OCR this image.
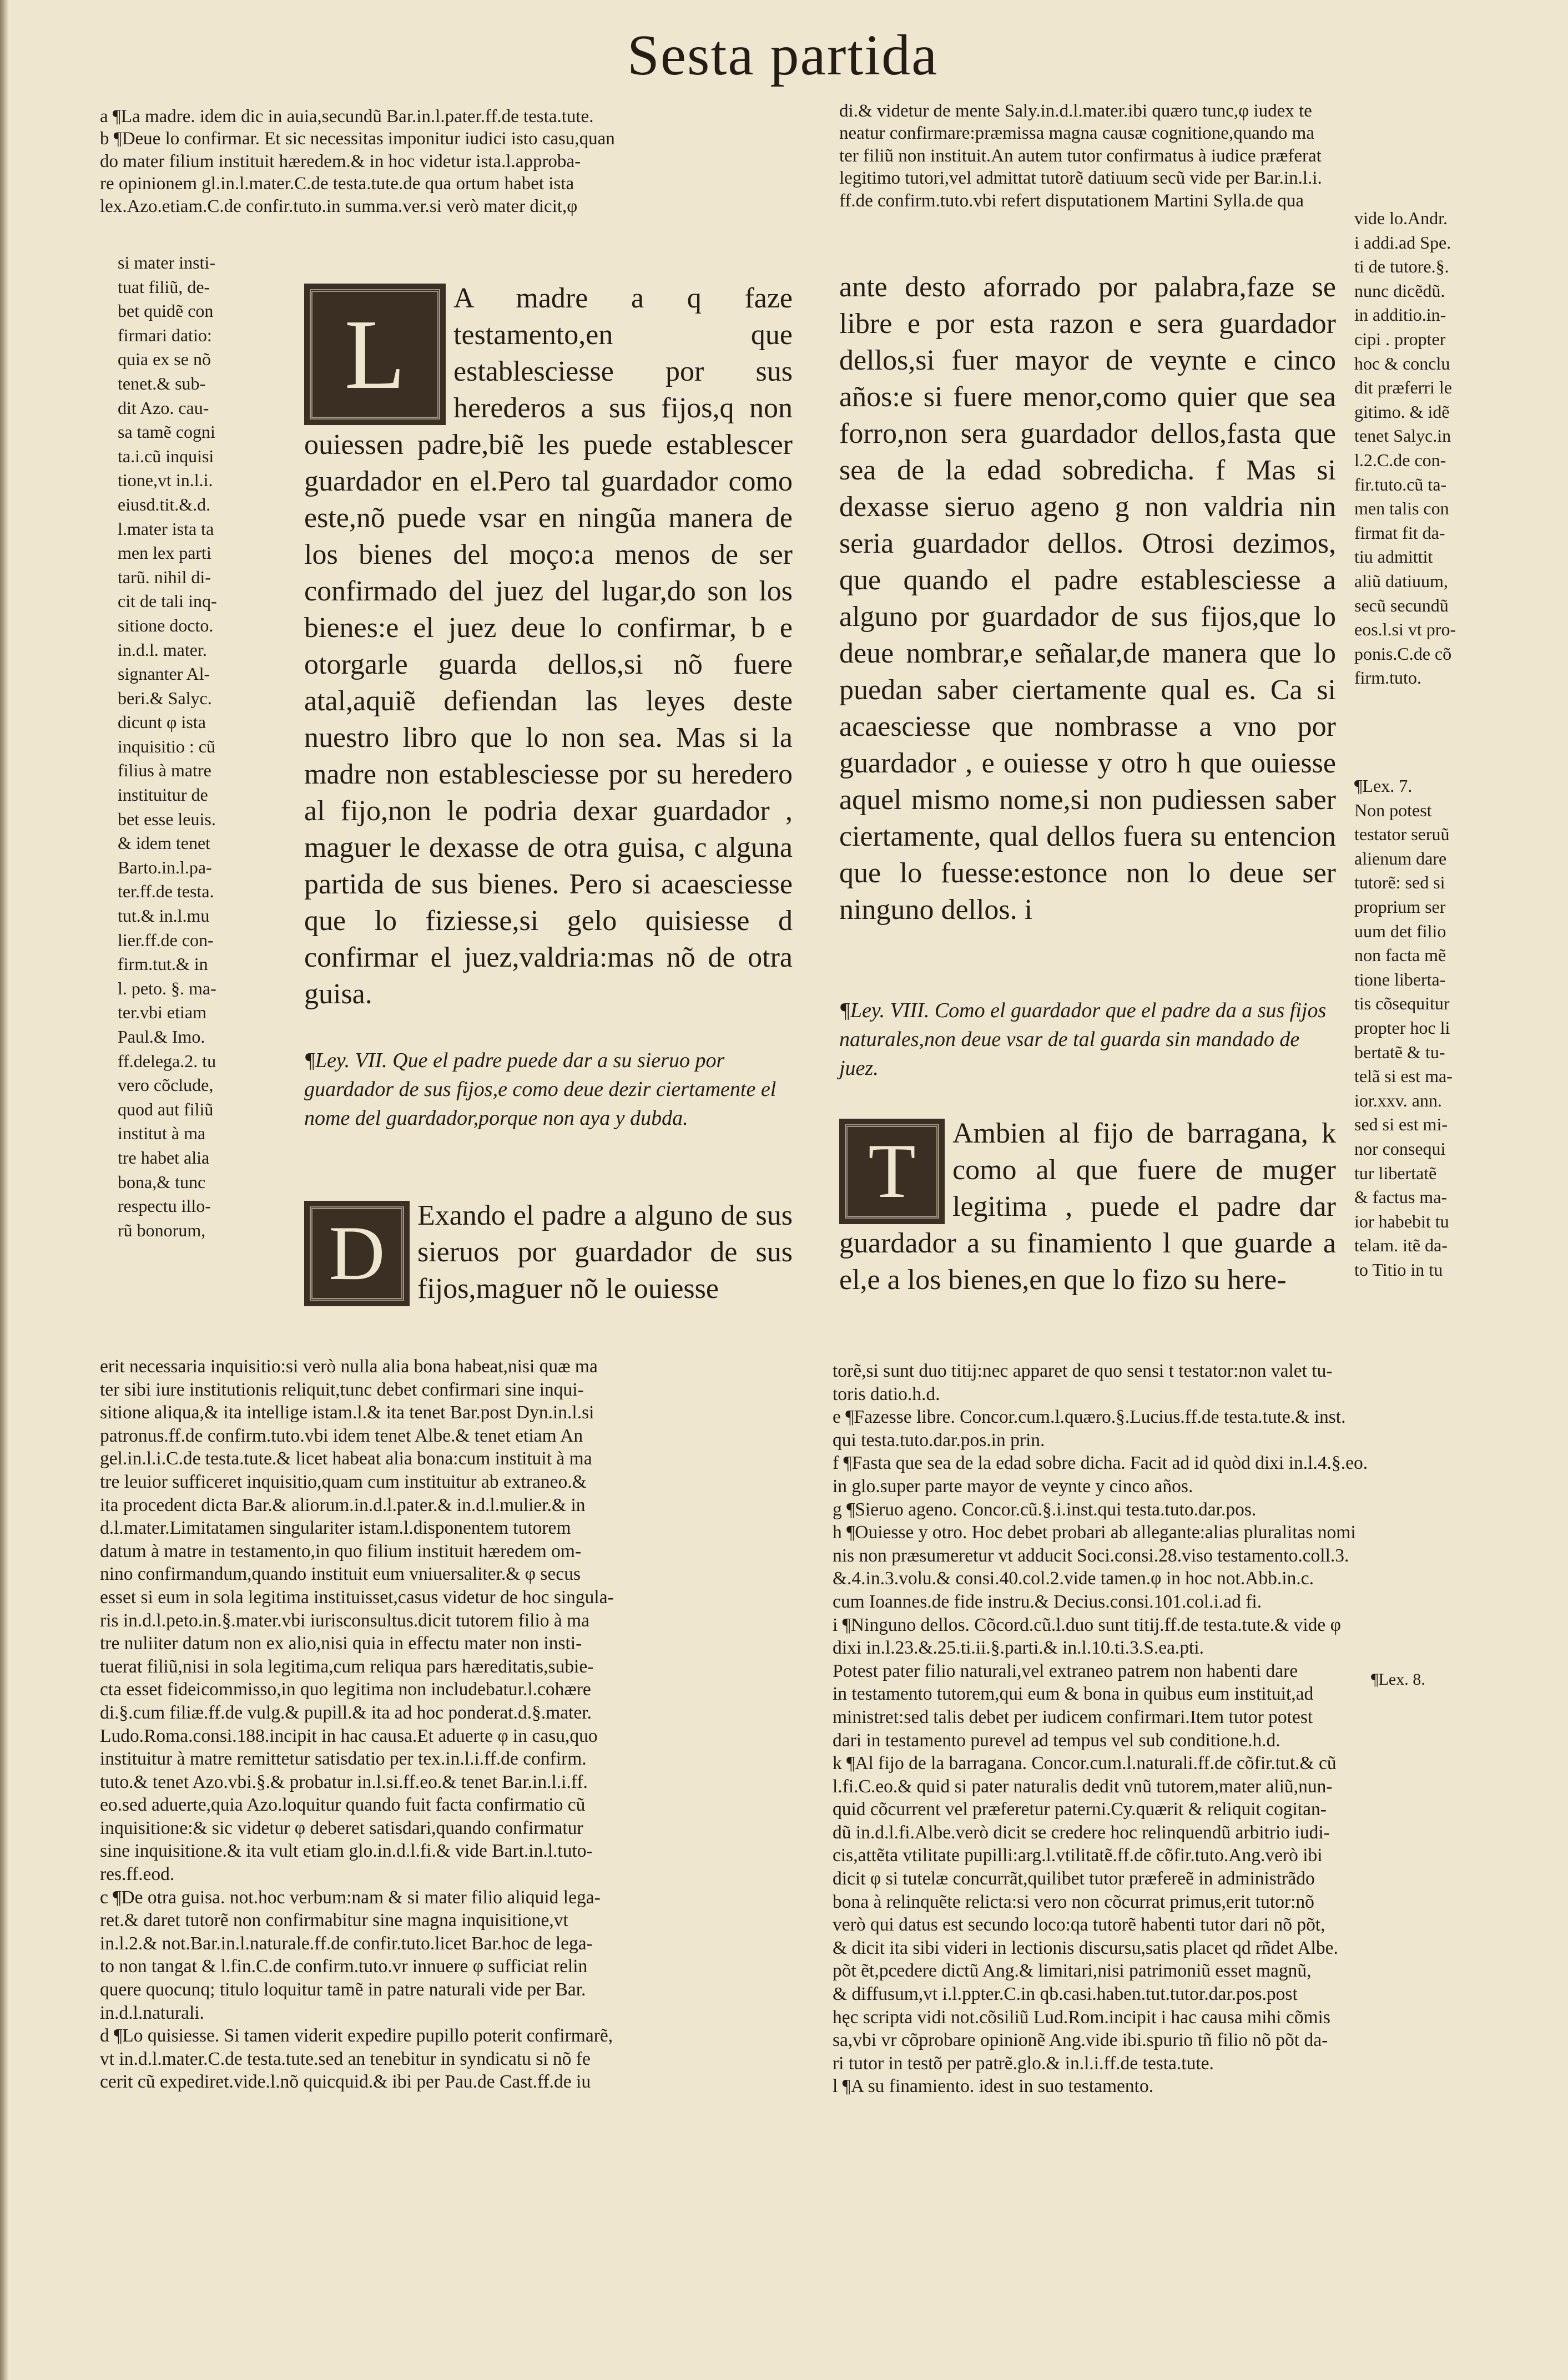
Sesta partida

a ¶La madre. idem dic in auia,secundũ Bar.in.l.pater.ff.de testa.tute.

b ¶Deue lo confirmar. Et sic necessitas imponitur iudici isto casu,quan

do mater filium instituit hæredem.& in hoc videtur ista.l.approba-

re opinionem gl.in.l.mater.C.de testa.tute.de qua ortum habet ista

lex.Azo.etiam.C.de confir.tuto.in summa.ver.si verò mater dicit,φ

di.& videtur de mente Saly.in.d.l.mater.ibi quæro tunc,φ iudex te

neatur confirmare:præmissa magna causæ cognitione,quando ma

ter filiũ non instituit.An autem tutor confirmatus à iudice præferat

legitimo tutori,vel admittat tutorẽ datiuum secũ vide per Bar.in.l.i.

ff.de confirm.tuto.vbi refert disputationem Martini Sylla.de qua

si mater insti-

tuat filiũ, de-

bet quidẽ con

firmari datio:

quia ex se nõ

tenet.& sub-

dit Azo. cau-

sa tamẽ cogni

ta.i.cũ inquisi

tione,vt in.l.i.

eiusd.tit.&.d.

l.mater ista ta

men lex parti

tarũ. nihil di-

cit de tali inq-

sitione docto.

in.d.l. mater.

signanter Al-

beri.& Salyc.

dicunt φ ista

inquisitio : cũ

filius à matre

instituitur de

bet esse leuis.

& idem tenet

Barto.in.l.pa-

ter.ff.de testa.

tut.& in.l.mu

lier.ff.de con-

firm.tut.& in

l. peto. §. ma-

ter.vbi etiam

Paul.& Imo.

ff.delega.2. tu

vero cõclude,

quod aut filiũ

institut à ma

tre habet alia

bona,& tunc

respectu illo-

rũ bonorum,

L

A madre a q faze testamento,en que establesciesse por sus herederos a sus fijos,q non ouiessen padre,biẽ les puede establescer guardador en el.Pero tal guardador como este,nõ puede vsar en ningũa manera de los bienes del moço:a menos de ser confirmado del juez del lugar,do son los bienes:e el juez deue lo confirmar, b e otorgarle guarda dellos,si nõ fuere atal,aquiẽ defiendan las leyes deste nuestro libro que lo non sea. Mas si la madre non establesciesse por su heredero al fijo,non le podria dexar guardador , maguer le dexasse de otra guisa, c alguna partida de sus bienes. Pero si acaesciesse que lo fiziesse,si gelo quisiesse d confirmar el juez,valdria:mas nõ de otra guisa.

¶Ley. VII. Que el padre puede dar a su sieruo por guardador de sus fijos,e como deue dezir ciertamente el nome del guardador,porque non aya y dubda.

D	Exando el padre a alguno de sus sieruos por guardador de sus fijos,maguer nõ le ouiesse

ante desto aforrado por palabra,faze se libre e por esta razon e sera guardador dellos,si fuer mayor de veynte e cinco años:e si fuere menor,como quier que sea forro,non sera guardador dellos,fasta que sea de la edad sobredicha. f Mas si dexasse sieruo ageno g non valdria nin seria guardador dellos. Otrosi dezimos, que quando el padre establesciesse a alguno por guardador de sus fijos,que lo deue nombrar,e señalar,de manera que lo puedan saber ciertamente qual es. Ca si acaesciesse que nombrasse a vno por guardador , e ouiesse y otro h que ouiesse aquel mismo nome,si non pudiessen saber ciertamente, qual dellos fuera su entencion que lo fuesse:estonce non lo deue ser ninguno dellos. i

¶Ley. VIII. Como el guardador que el padre da a sus fijos naturales,non deue vsar de tal guarda sin mandado de juez.

T	Ambien al fijo de barragana, k como al que fuere de muger legitima , puede el padre dar guardador a su finamiento l que guarde a el,e a los bienes,en que lo fizo su here-

vide lo.Andr.

i addi.ad Spe.

ti de tutore.§.

nunc dicẽdũ.

in additio.in-

cipi . propter

hoc & conclu

dit præferri le

gitimo. & idẽ

tenet Salyc.in

l.2.C.de con-

fir.tuto.cũ ta-

men talis con

firmat fit da-

tiu admittit

aliũ datiuum,

secũ secundũ

eos.l.si vt pro-

ponis.C.de cõ

firm.tuto.

¶Lex. 7.

Non potest

testator seruũ

alienum dare

tutorẽ: sed si

proprium ser

uum det filio

non facta mẽ

tione liberta-

tis cõsequitur

propter hoc li

bertatẽ & tu-

telã si est ma-

ior.xxv. ann.

sed si est mi-

nor consequi

tur libertatẽ

& factus ma-

ior habebit tu

telam. itẽ da-

to Titio in tu

¶Lex. 8.

erit necessaria inquisitio:si verò nulla alia bona habeat,nisi quæ ma

ter sibi iure institutionis reliquit,tunc debet confirmari sine inqui-

sitione aliqua,& ita intellige istam.l.& ita tenet Bar.post Dyn.in.l.si

patronus.ff.de confirm.tuto.vbi idem tenet Albe.& tenet etiam An

gel.in.l.i.C.de testa.tute.& licet habeat alia bona:cum instituit à ma

tre leuior sufficeret inquisitio,quam cum instituitur ab extraneo.&

ita procedent dicta Bar.& aliorum.in.d.l.pater.& in.d.l.mulier.& in

d.l.mater.Limitatamen singulariter istam.l.disponentem tutorem

datum à matre in testamento,in quo filium instituit hæredem om-

nino confirmandum,quando instituit eum vniuersaliter.& φ secus

esset si eum in sola legitima instituisset,casus videtur de hoc singula-

ris in.d.l.peto.in.§.mater.vbi iurisconsultus.dicit tutorem filio à ma

tre nuliiter datum non ex alio,nisi quia in effectu mater non insti-

tuerat filiũ,nisi in sola legitima,cum reliqua pars hæreditatis,subie-

cta esset fideicommisso,in quo legitima non includebatur.l.cohære

di.§.cum filiæ.ff.de vulg.& pupill.& ita ad hoc ponderat.d.§.mater.

Ludo.Roma.consi.188.incipit in hac causa.Et aduerte φ in casu,quo

instituitur à matre remittetur satisdatio per tex.in.l.i.ff.de confirm.

tuto.& tenet Azo.vbi.§.& probatur in.l.si.ff.eo.& tenet Bar.in.l.i.ff.

eo.sed aduerte,quia Azo.loquitur quando fuit facta confirmatio cũ

inquisitione:& sic videtur φ deberet satisdari,quando confirmatur

sine inquisitione.& ita vult etiam glo.in.d.l.fi.& vide Bart.in.l.tuto-

res.ff.eod.

c ¶De otra guisa. not.hoc verbum:nam & si mater filio aliquid lega-

ret.& daret tutorẽ non confirmabitur sine magna inquisitione,vt

in.l.2.& not.Bar.in.l.naturale.ff.de confir.tuto.licet Bar.hoc de lega-

to non tangat & l.fin.C.de confirm.tuto.vr innuere φ sufficiat relin

quere quocunq; titulo loquitur tamẽ in patre naturali vide per Bar.

in.d.l.naturali.

d ¶Lo quisiesse. Si tamen viderit expedire pupillo poterit confirmarẽ,

vt in.d.l.mater.C.de testa.tute.sed an tenebitur in syndicatu si nõ fe

cerit cũ expediret.vide.l.nõ quicquid.& ibi per Pau.de Cast.ff.de iu

torẽ,si sunt duo titij:nec apparet de quo sensi t testator:non valet tu-

toris datio.h.d.

e ¶Fazesse libre. Concor.cum.l.quæro.§.Lucius.ff.de testa.tute.& inst.

qui testa.tuto.dar.pos.in prin.

f ¶Fasta que sea de la edad sobre dicha. Facit ad id quòd dixi in.l.4.§.eo.

in glo.super parte mayor de veynte y cinco años.

g ¶Sieruo ageno. Concor.cũ.§.i.inst.qui testa.tuto.dar.pos.

h ¶Ouiesse y otro. Hoc debet probari ab allegante:alias pluralitas nomi

nis non præsumeretur vt adducit Soci.consi.28.viso testamento.coll.3.

&.4.in.3.volu.& consi.40.col.2.vide tamen.φ in hoc not.Abb.in.c.

cum Ioannes.de fide instru.& Decius.consi.101.col.i.ad fi.

i ¶Ninguno dellos. Cõcord.cũ.l.duo sunt titij.ff.de testa.tute.& vide φ

dixi in.l.23.&.25.ti.ii.§.parti.& in.l.10.ti.3.S.ea.pti.

Potest pater filio naturali,vel extraneo patrem non habenti dare

in testamento tutorem,qui eum & bona in quibus eum instituit,ad

ministret:sed talis debet per iudicem confirmari.Item tutor potest

dari in testamento purevel ad tempus vel sub conditione.h.d.

k ¶Al fijo de la barragana. Concor.cum.l.naturali.ff.de cõfir.tut.& cũ

l.fi.C.eo.& quid si pater naturalis dedit vnũ tutorem,mater aliũ,nun-

quid cõcurrent vel præferetur paterni.Cy.quærit & reliquit cogitan-

dũ in.d.l.fi.Albe.verò dicit se credere hoc relinquendũ arbitrio iudi-

cis,attẽta vtilitate pupilli:arg.l.vtilitatẽ.ff.de cõfir.tuto.Ang.verò ibi

dicit φ si tutelæ concurrãt,quilibet tutor præfereẽ in administrãdo

bona à relinquẽte relicta:si vero non cõcurrat primus,erit tutor:nõ

verò qui datus est secundo loco:qa tutorẽ habenti tutor dari nõ põt,

& dicit ita sibi videri in lectionis discursu,satis placet qd rñdet Albe.

põt ẽt,pcedere dictũ Ang.& limitari,nisi patrimoniũ esset magnũ,

& diffusum,vt i.l.ppter.C.in qb.casi.haben.tut.tutor.dar.pos.post

hęc scripta vidi not.cõsiliũ Lud.Rom.incipit i hac causa mihi cõmis

sa,vbi vr cõprobare opinionẽ Ang.vide ibi.spurio tñ filio nõ põt da-

ri tutor in testõ per patrẽ.glo.& in.l.i.ff.de testa.tute.

l ¶A su finamiento. idest in suo testamento.
